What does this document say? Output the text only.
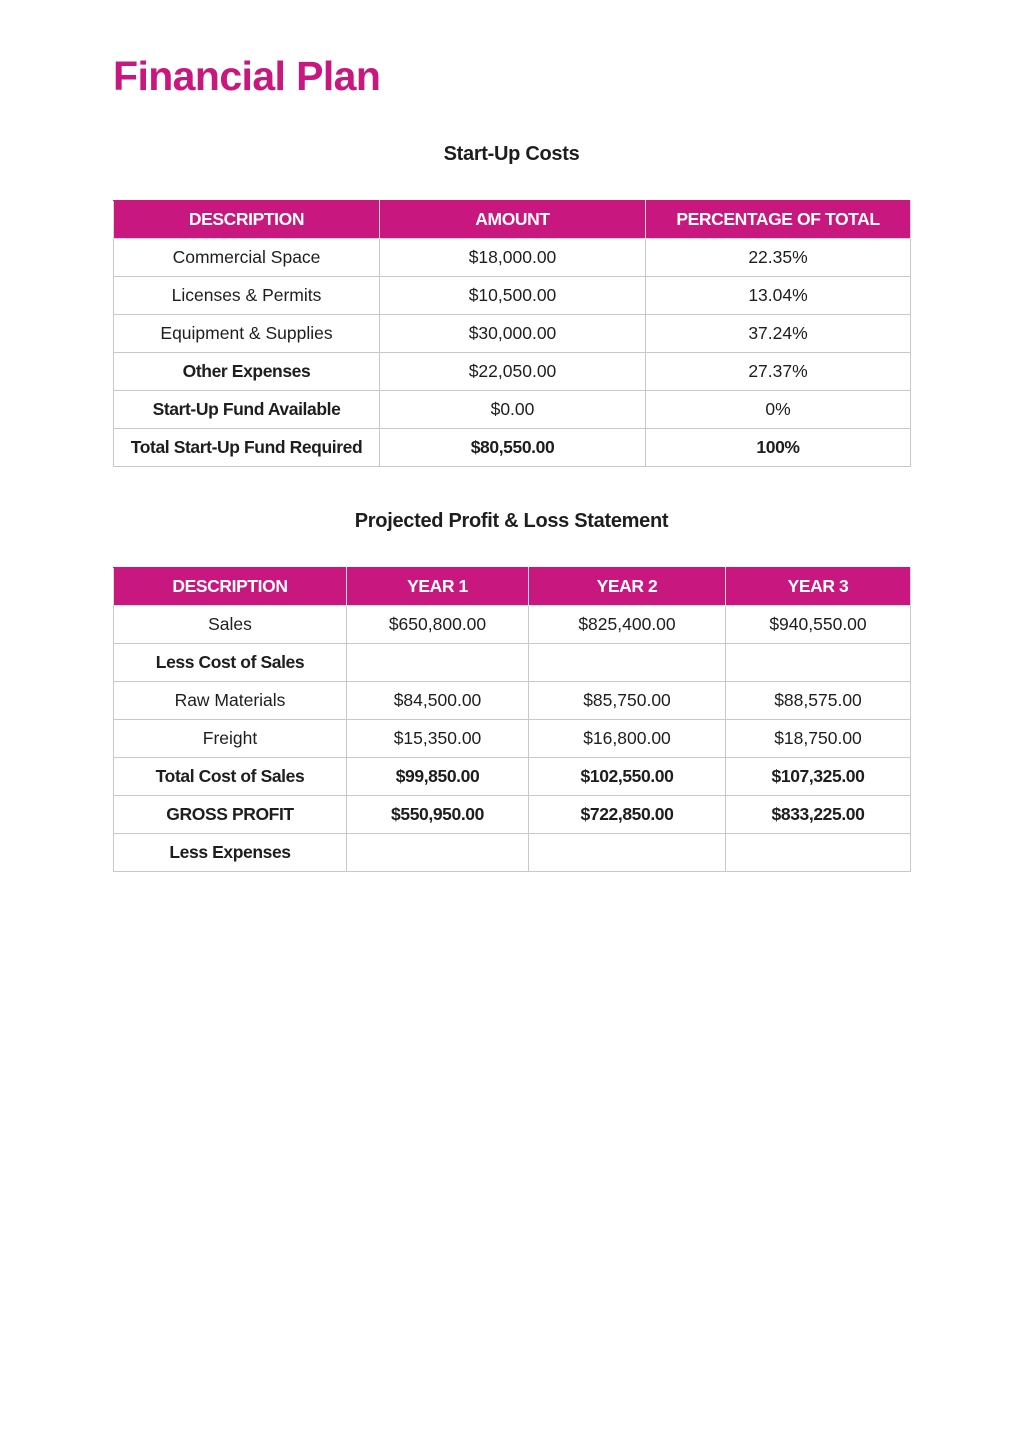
Financial Plan
Start-Up Costs
DESCRIPTION	AMOUNT	PERCENTAGE OF TOTAL
Commercial Space	$18,000.00	22.35%
Licenses & Permits	$10,500.00	13.04%
Equipment & Supplies	$30,000.00	37.24%
Other Expenses	$22,050.00	27.37%
Start-Up Fund Available	$0.00	0%
Total Start-Up Fund Required	$80,550.00	100%
Projected Profit & Loss Statement
DESCRIPTION	YEAR 1	YEAR 2	YEAR 3
Sales	$650,800.00	$825,400.00	$940,550.00
Less Cost of Sales			
Raw Materials	$84,500.00	$85,750.00	$88,575.00
Freight	$15,350.00	$16,800.00	$18,750.00
Total Cost of Sales	$99,850.00	$102,550.00	$107,325.00
GROSS PROFIT	$550,950.00	$722,850.00	$833,225.00
Less Expenses			
